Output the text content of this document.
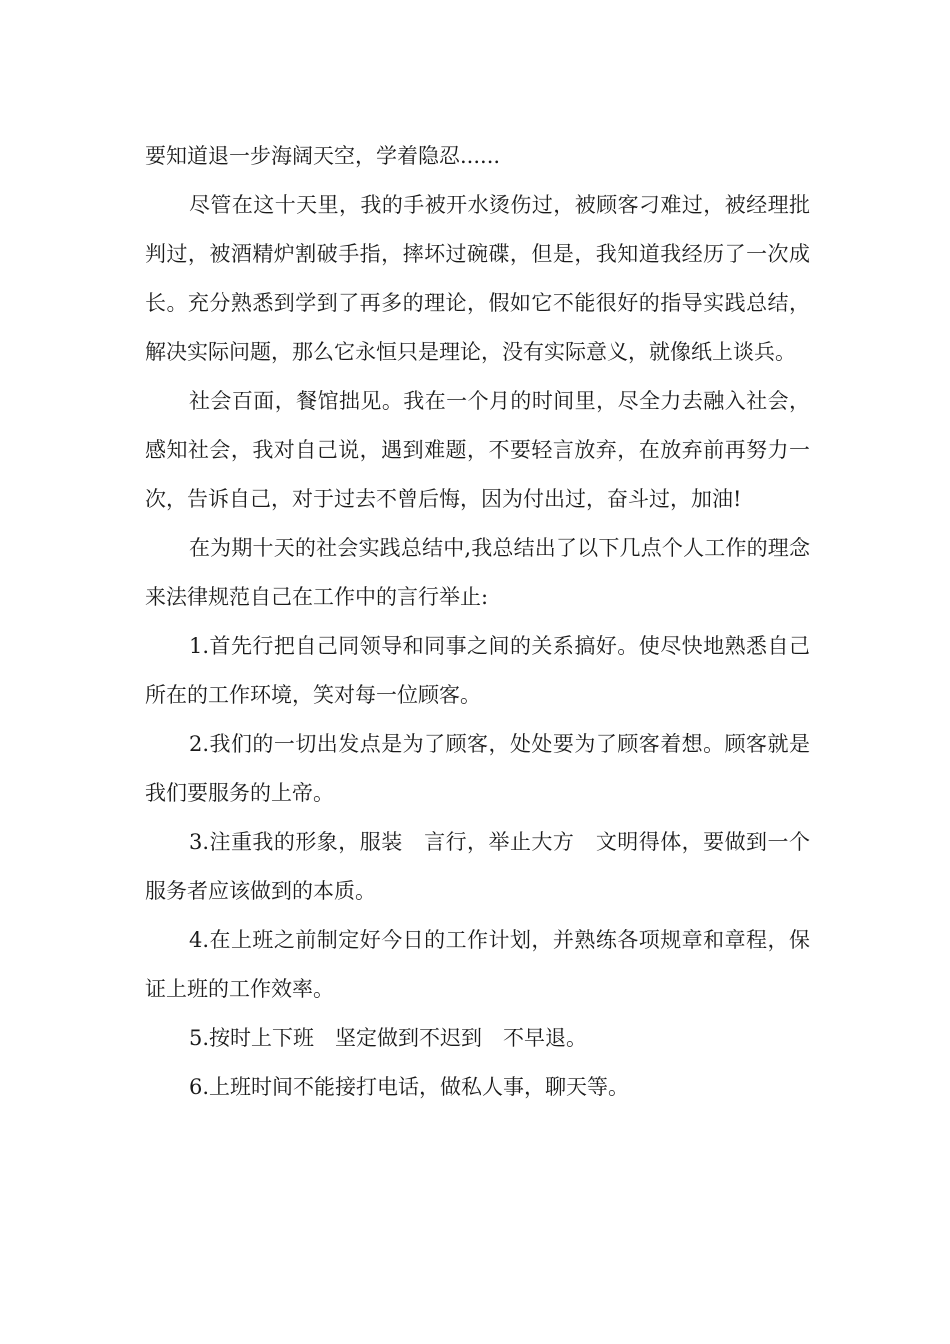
要知道退一步海阔天空，学着隐忍......

尽管在这十天里，我的手被开水烫伤过，被顾客刁难过，被经理批判过，被酒精炉割破手指，摔坏过碗碟，但是，我知道我经历了一次成长。充分熟悉到学到了再多的理论，假如它不能很好的指导实践总结，解决实际问题，那么它永恒只是理论，没有实际意义，就像纸上谈兵。

社会百面，餐馆拙见。我在一个月的时间里，尽全力去融入社会，感知社会，我对自己说，遇到难题，不要轻言放弃，在放弃前再努力一次，告诉自己，对于过去不曾后悔，因为付出过，奋斗过，加油!

在为期十天的社会实践总结中,我总结出了以下几点个人工作的理念来法律规范自己在工作中的言行举止:

1.首先行把自己同领导和同事之间的关系搞好。使尽快地熟悉自己所在的工作环境，笑对每一位顾客。

2.我们的一切出发点是为了顾客，处处要为了顾客着想。顾客就是我们要服务的上帝。

3.注重我的形象，服装　言行，举止大方　文明得体，要做到一个服务者应该做到的本质。

4.在上班之前制定好今日的工作计划，并熟练各项规章和章程，保证上班的工作效率。

5.按时上下班　坚定做到不迟到　不早退。

6.上班时间不能接打电话，做私人事，聊天等。
